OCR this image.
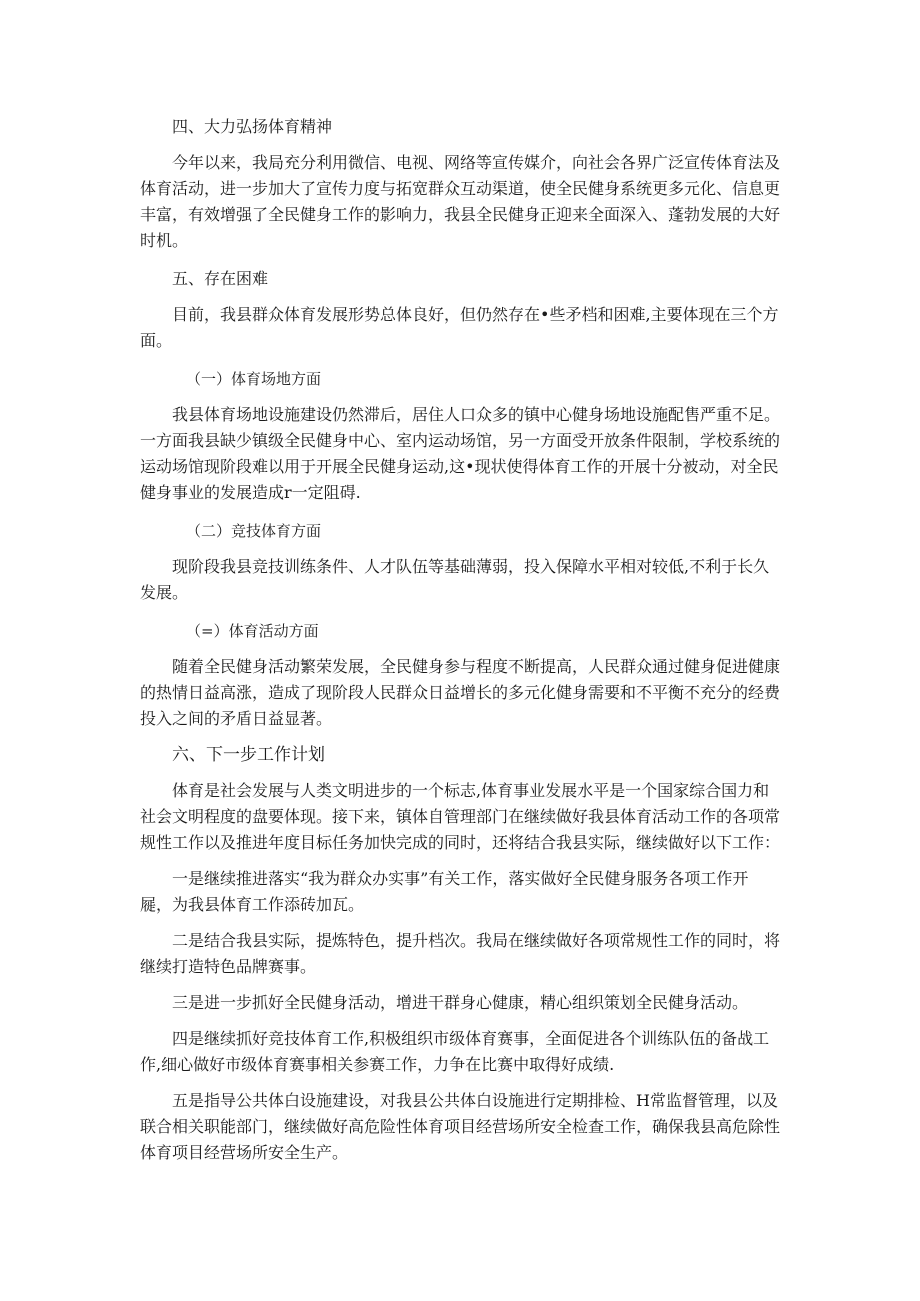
四、大力弘扬体育精神

今年以来，我局充分利用微信、电视、网络等宣传媒介，向社会各界广泛宣传体育法及体育活动，进一步加大了宣传力度与拓宽群众互动渠道，使全民健身系统更多元化、信息更丰富，有效增强了全民健身工作的影响力，我县全民健身正迎来全面深入、蓬勃发展的大好时机。

五、存在困难

目前，我县群众体育发展形势总体良好，但仍然存在•些矛档和困难,主要体现在三个方面。

（一）体育场地方面

我县体育场地设施建设仍然滞后，居住人口众多的镇中心健身场地设施配售严重不足。一方面我县缺少镇级全民健身中心、室内运动场馆，另一方面受开放条件限制，学校系统的运动场馆现阶段难以用于开展全民健身运动,这•现状使得体育工作的开展十分被动，对全民健身事业的发展造成r一定阻碍.

（二）竞技体育方面

现阶段我县竞技训练条件、人才队伍等基础薄弱，投入保障水平相对较低,不利于长久发展。

（=）体育活动方面

随着全民健身活动繁荣发展，全民健身参与程度不断提高，人民群众通过健身促进健康的热情日益高涨，造成了现阶段人民群众日益增长的多元化健身需要和不平衡不充分的经费投入之间的矛盾日益显著。

六、下一步工作计划

体育是社会发展与人类文明进步的一个标志,体育事业发展水平是一个国家综合国力和社会文明程度的盘要体现。接下来，镇体自管理部门在继续做好我县体育活动工作的各项常规性工作以及推进年度目标任务加快完成的同时，还将结合我县实际，继续做好以下工作：

一是继续推进落实“我为群众办实事”有关工作，落实做好全民健身服务各项工作开屣，为我县体育工作添砖加瓦。

二是结合我县实际，提炼特色，提升档次。我局在继续做好各项常规性工作的同时，将继续打造特色品牌赛事。

三是进一步抓好全民健身活动，增进干群身心健康，精心组织策划全民健身活动。

四是继续抓好竞技体育工作,积极组织市级体育赛事，全面促进各个训练队伍的备战工作,细心做好市级体育赛事相关参赛工作，力争在比赛中取得好成绩.

五是指导公共体白设施建设，对我县公共体白设施进行定期排检、H常监督管理，以及联合相关职能部门，继续做好高危险性体育项目经营场所安全检查工作，确保我县高危除性体育项目经营场所安全生产。
